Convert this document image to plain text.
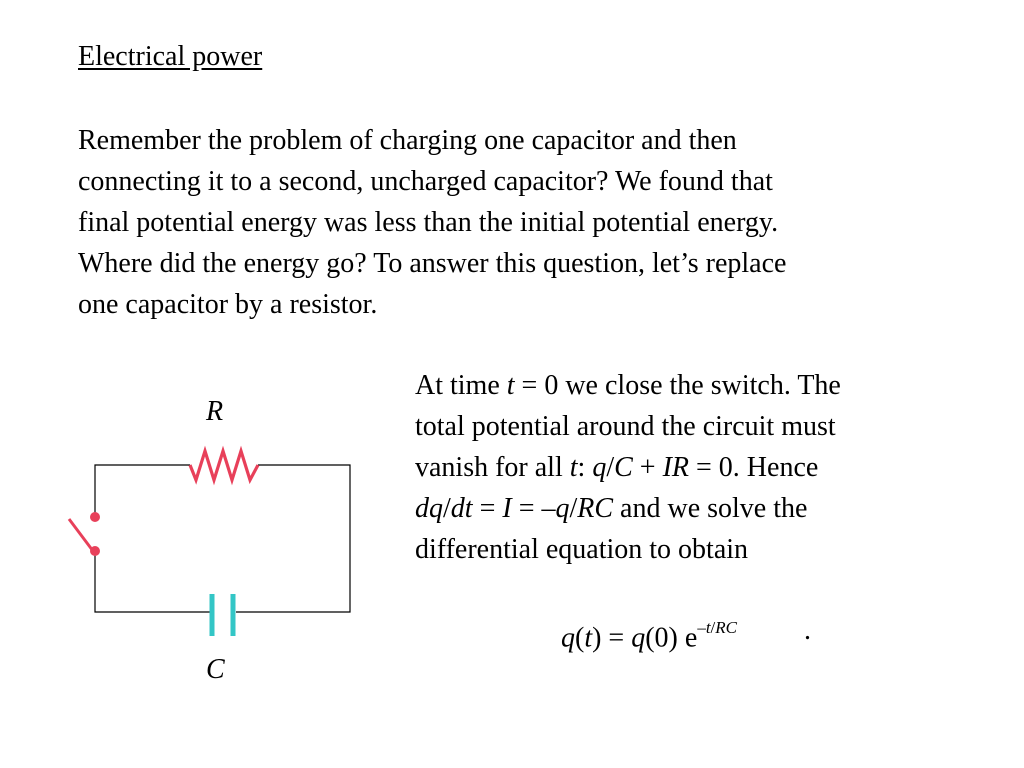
Electrical power
Remember the problem of charging one capacitor and then
connecting it to a second, uncharged capacitor? We found that
final potential energy was less than the initial potential energy.
Where did the energy go? To answer this question, let’s replace
one capacitor by a resistor.
R
C
At time t = 0 we close the switch. The
total potential around the circuit must
vanish for all t: q/C + IR = 0. Hence
dq/dt = I = –q/RC and we solve the
differential equation to obtain
q(t) = q(0) $e^{-t/RC}$ .
